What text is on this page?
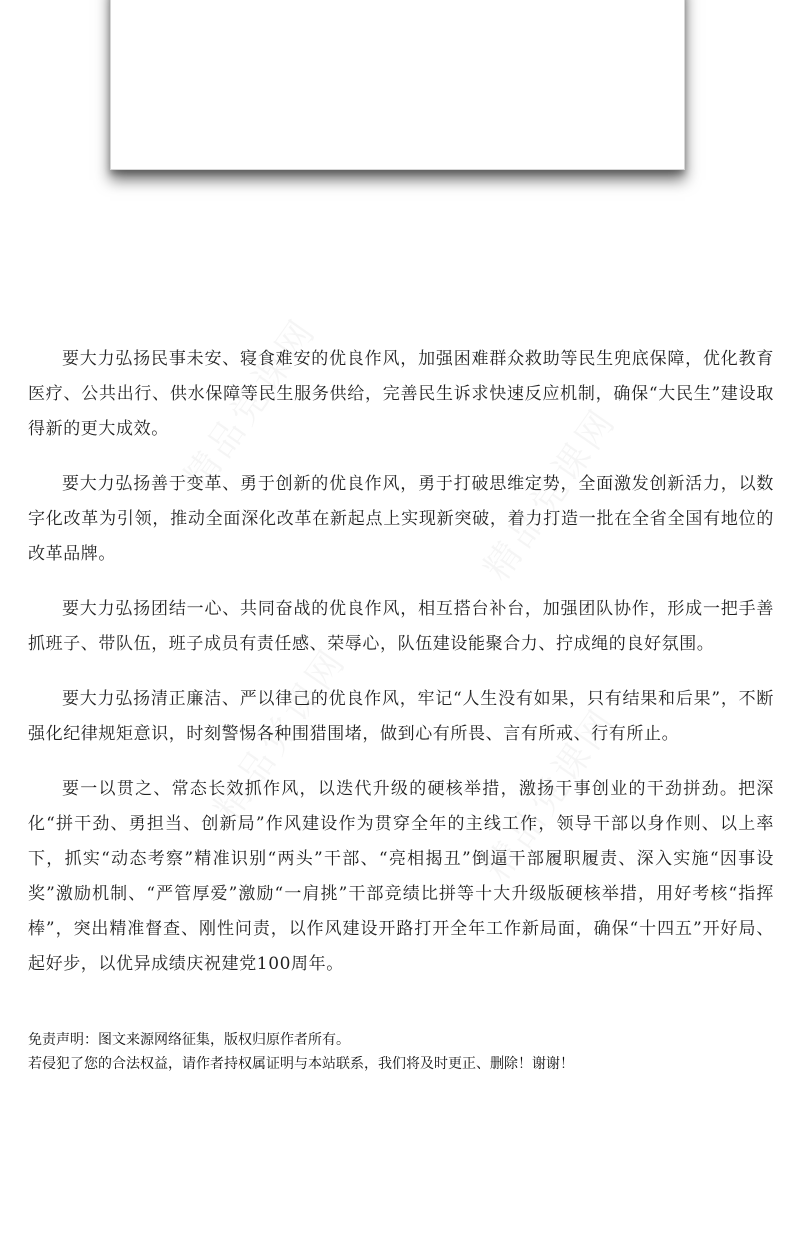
要大力弘扬民事未安、寝食难安的优良作风，加强困难群众救助等民生兜底保障，优化教育医疗、公共出行、供水保障等民生服务供给，完善民生诉求快速反应机制，确保“大民生”建设取得新的更大成效。

要大力弘扬善于变革、勇于创新的优良作风，勇于打破思维定势，全面激发创新活力，以数字化改革为引领，推动全面深化改革在新起点上实现新突破，着力打造一批在全省全国有地位的改革品牌。

要大力弘扬团结一心、共同奋战的优良作风，相互搭台补台，加强团队协作，形成一把手善抓班子、带队伍，班子成员有责任感、荣辱心，队伍建设能聚合力、拧成绳的良好氛围。

要大力弘扬清正廉洁、严以律己的优良作风，牢记“人生没有如果，只有结果和后果”，不断强化纪律规矩意识，时刻警惕各种围猎围堵，做到心有所畏、言有所戒、行有所止。

要一以贯之、常态长效抓作风，以迭代升级的硬核举措，激扬干事创业的干劲拼劲。把深化“拼干劲、勇担当、创新局”作风建设作为贯穿全年的主线工作，领导干部以身作则、以上率下，抓实“动态考察”精准识别“两头”干部、“亮相揭丑”倒逼干部履职履责、深入实施“因事设奖”激励机制、“严管厚爱”激励“一肩挑”干部竞绩比拼等十大升级版硬核举措，用好考核“指挥棒”，突出精准督查、刚性问责，以作风建设开路打开全年工作新局面，确保“十四五”开好局、起好步，以优异成绩庆祝建党100周年。

免责声明：图文来源网络征集，版权归原作者所有。
若侵犯了您的合法权益，请作者持权属证明与本站联系，我们将及时更正、删除！谢谢！
